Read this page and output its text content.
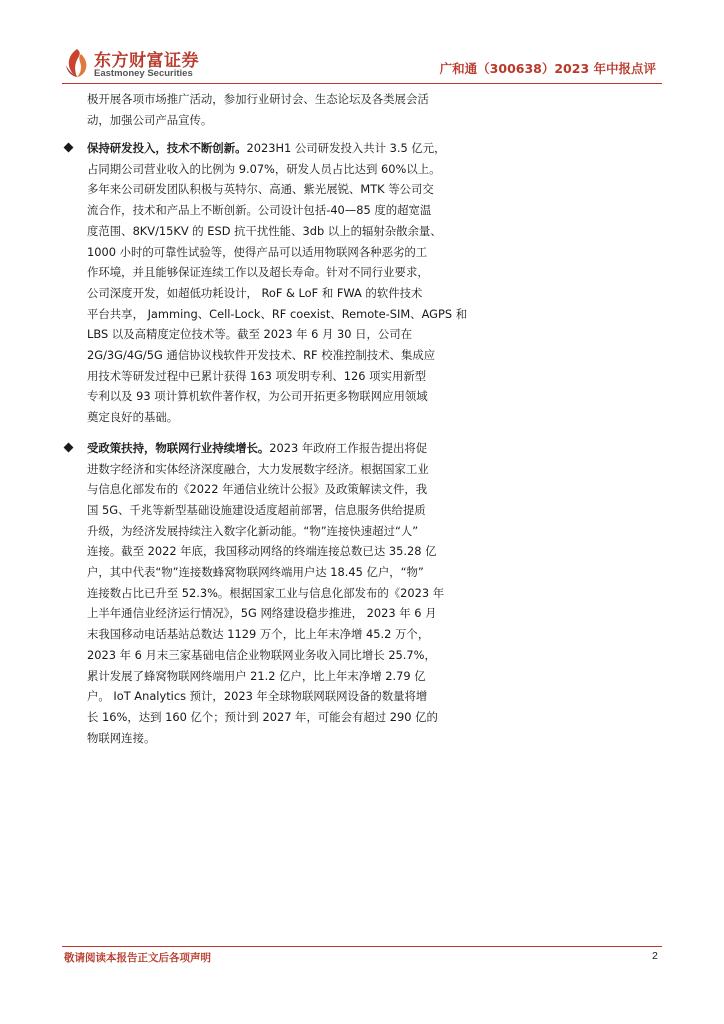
东方财富证券
Eastmoney Securities	广和通（300638）2023 年中报点评
极开展各项市场推广活动，参加行业研讨会、生态论坛及各类展会活
动，加强公司产品宣传。
保持研发投入，技术不断创新。2023H1 公司研发投入共计 3.5 亿元，
占同期公司营业收入的比例为 9.07%，研发人员占比达到 60%以上。
多年来公司研发团队积极与英特尔、高通、紫光展锐、MTK 等公司交
流合作，技术和产品上不断创新。公司设计包括-40—85 度的超宽温
度范围、8KV/15KV 的 ESD 抗干扰性能、3db 以上的辐射杂散余量、
1000 小时的可靠性试验等，使得产品可以适用物联网各种恶劣的工
作环境，并且能够保证连续工作以及超长寿命。针对不同行业要求，
公司深度开发，如超低功耗设计， RoF & LoF 和 FWA 的软件技术
平台共享， Jamming、Cell-Lock、RF coexist、Remote-SIM、AGPS 和
LBS 以及高精度定位技术等。截至 2023 年 6 月 30 日，公司在
2G/3G/4G/5G 通信协议栈软件开发技术、RF 校准控制技术、集成应
用技术等研发过程中已累计获得 163 项发明专利、126 项实用新型
专利以及 93 项计算机软件著作权，为公司开拓更多物联网应用领域
奠定良好的基础。
受政策扶持，物联网行业持续增长。2023 年政府工作报告提出将促
进数字经济和实体经济深度融合，大力发展数字经济。根据国家工业
与信息化部发布的《2022 年通信业统计公报》及政策解读文件，我
国 5G、千兆等新型基础设施建设适度超前部署，信息服务供给提质
升级，为经济发展持续注入数字化新动能。“物”连接快速超过“人”
连接。截至 2022 年底，我国移动网络的终端连接总数已达 35.28 亿
户，其中代表“物”连接数蜂窝物联网终端用户达 18.45 亿户，“物”
连接数占比已升至 52.3%。根据国家工业与信息化部发布的《2023 年
上半年通信业经济运行情况》，5G 网络建设稳步推进， 2023 年 6 月
末我国移动电话基站总数达 1129 万个，比上年末净增 45.2 万个，
2023 年 6 月末三家基础电信企业物联网业务收入同比增长 25.7%，
累计发展了蜂窝物联网终端用户 21.2 亿户，比上年末净增 2.79 亿
户。 IoT Analytics 预计，2023 年全球物联网联网设备的数量将增
长 16%，达到 160 亿个；预计到 2027 年，可能会有超过 290 亿的
物联网连接。
敬请阅读本报告正文后各项声明	2
